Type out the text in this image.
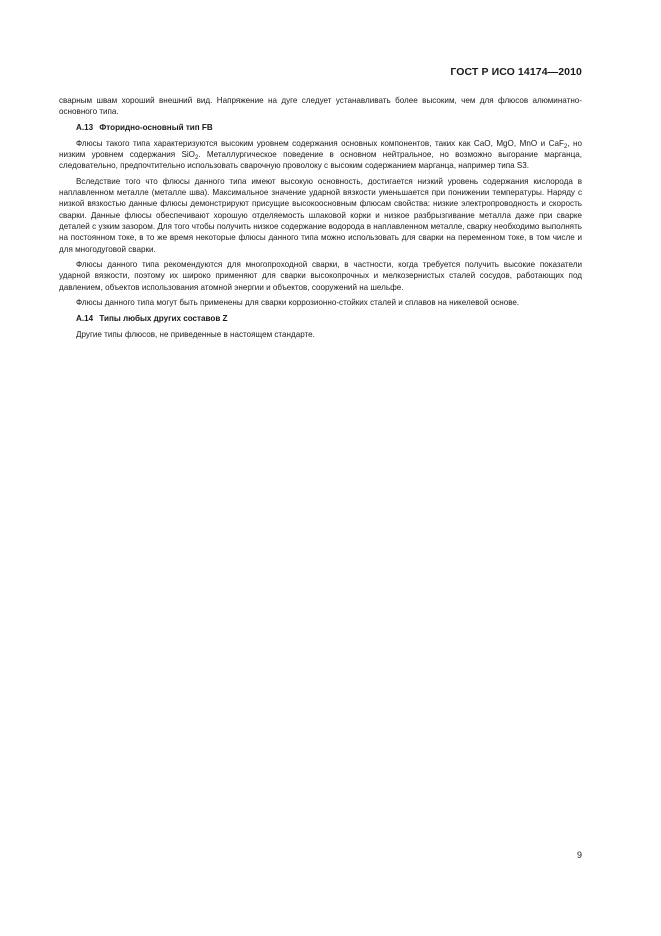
ГОСТ Р ИСО 14174—2010

сварным швам хороший внешний вид. Напряжение на дуге следует устанавливать более высоким, чем для флюсов алюминатно-основного типа.

А.13 Фторидно-основный тип FB

Флюсы такого типа характеризуются высоким уровнем содержания основных компонентов, таких как CaO, MgO, MnO и CaF$_2$, но низким уровнем содержания SiO$_2$. Металлургическое поведение в основном нейтральное, но возможно выгорание марганца, следовательно, предпочтительно использовать сварочную проволоку с высоким содержанием марганца, например типа S3.

Вследствие того что флюсы данного типа имеют высокую основность, достигается низкий уровень содержания кислорода в наплавленном металле (металле шва). Максимальное значение ударной вязкости уменьшается при понижении температуры. Наряду с низкой вязкостью данные флюсы демонстрируют присущие высокоосновным флюсам свойства: низкие электропроводность и скорость сварки. Данные флюсы обеспечивают хорошую отделяемость шлаковой корки и низкое разбрызгивание металла даже при сварке деталей с узким зазором. Для того чтобы получить низкое содержание водорода в наплавленном металле, сварку необходимо выполнять на постоянном токе, в то же время некоторые флюсы данного типа можно использовать для сварки на переменном токе, в том числе и для многодуговой сварки.

Флюсы данного типа рекомендуются для многопроходной сварки, в частности, когда требуется получить высокие показатели ударной вязкости, поэтому их широко применяют для сварки высокопрочных и мелкозернистых сталей сосудов, работающих под давлением, объектов использования атомной энергии и объектов, сооружений на шельфе.

Флюсы данного типа могут быть применены для сварки коррозионно-стойких сталей и сплавов на никелевой основе.

А.14 Типы любых других составов Z

Другие типы флюсов, не приведенные в настоящем стандарте.

9
